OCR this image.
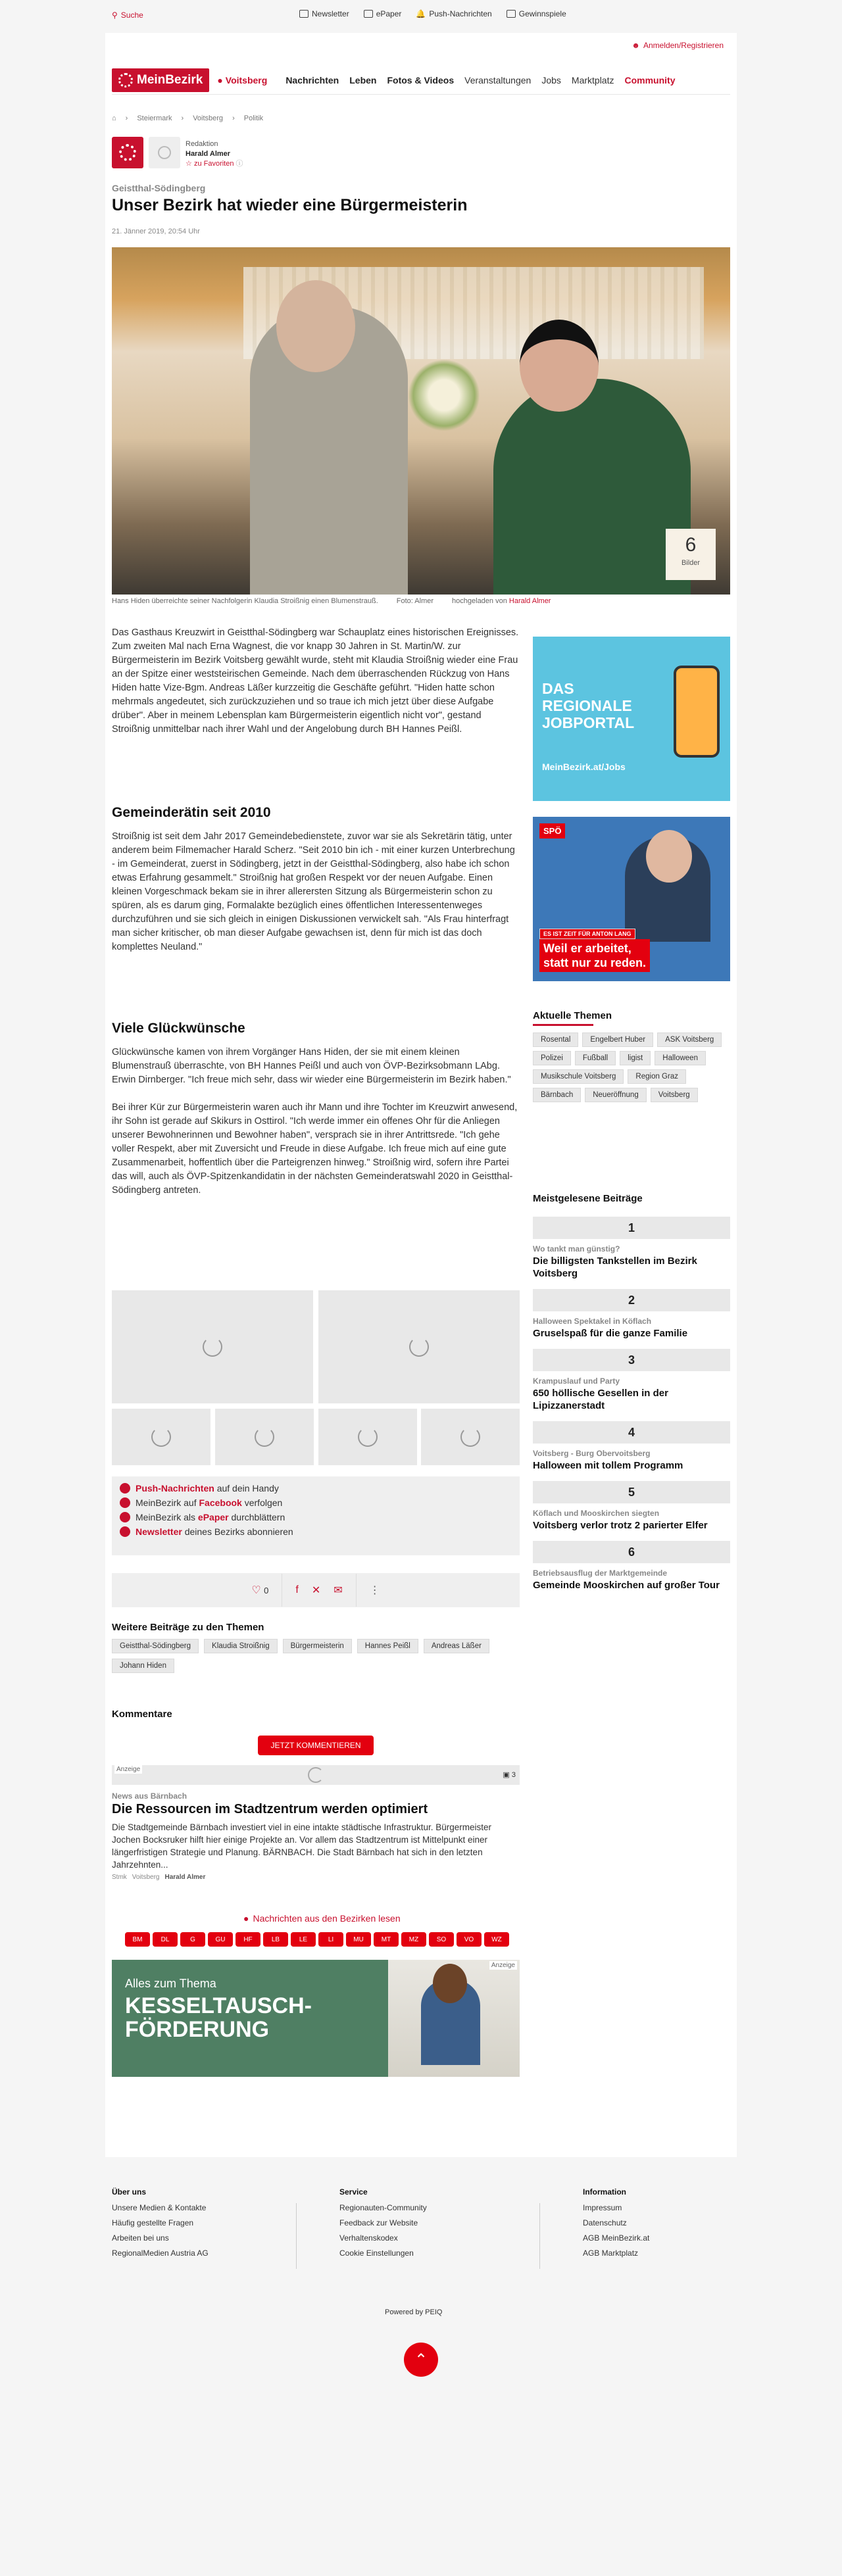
⚲ Suche	Newsletter	ePaper 🔔 Push-Nachrichten	Gewinnspiele
☻ Anmelden/Registrieren
MeinBezirk ● Voitsberg Nachrichten Leben Fotos & Videos Veranstaltungen Jobs Marktplatz Community
⌂ › Steiermark › Voitsberg › Politik
Redaktion
Harald Almer
☆ zu Favoriten ⓘ
Geistthal-Södingberg
Unser Bezirk hat wieder eine Bürgermeisterin
21. Jänner 2019, 20:54 Uhr
6
Bilder
Hans Hiden überreichte seiner Nachfolgerin Klaudia Stroißnig einen Blumenstrauß.	Foto: Almer	hochgeladen von Harald Almer

Das Gasthaus Kreuzwirt in Geistthal-Södingberg war Schauplatz eines historischen Ereignisses. Zum zweiten Mal nach Erna Wagnest, die vor knapp 30 Jahren in St. Martin/W. zur Bürgermeisterin im Bezirk Voitsberg gewählt wurde, steht mit Klaudia Stroißnig wieder eine Frau an der Spitze einer weststeirischen Gemeinde. Nach dem überraschenden Rückzug von Hans Hiden hatte Vize-Bgm. Andreas Läßer kurzzeitig die Geschäfte geführt. "Hiden hatte schon mehrmals angedeutet, sich zurückzuziehen und so traue ich mich jetzt über diese Aufgabe drüber". Aber in meinem Lebensplan kam Bürgermeisterin eigentlich nicht vor", gestand Stroißnig unmittelbar nach ihrer Wahl und der Angelobung durch BH Hannes Peißl.

Gemeinderätin seit 2010

Stroißnig ist seit dem Jahr 2017 Gemeindebedienstete, zuvor war sie als Sekretärin tätig, unter anderem beim Filmemacher Harald Scherz. "Seit 2010 bin ich - mit einer kurzen Unterbrechung - im Gemeinderat, zuerst in Södingberg, jetzt in der Geistthal-Södingberg, also habe ich schon etwas Erfahrung gesammelt." Stroißnig hat großen Respekt vor der neuen Aufgabe. Einen kleinen Vorgeschmack bekam sie in ihrer allerersten Sitzung als Bürgermeisterin schon zu spüren, als es darum ging, Formalakte bezüglich eines öffentlichen Interessentenweges durchzuführen und sie sich gleich in einigen Diskussionen verwickelt sah. "Als Frau hinterfragt man sicher kritischer, ob man dieser Aufgabe gewachsen ist, denn für mich ist das doch komplettes Neuland."

Viele Glückwünsche

Glückwünsche kamen von ihrem Vorgänger Hans Hiden, der sie mit einem kleinen Blumenstrauß überraschte, von BH Hannes Peißl und auch von ÖVP-Bezirksobmann LAbg. Erwin Dirnberger. "Ich freue mich sehr, dass wir wieder eine Bürgermeisterin im Bezirk haben."

Bei ihrer Kür zur Bürgermeisterin waren auch ihr Mann und ihre Tochter im Kreuzwirt anwesend, ihr Sohn ist gerade auf Skikurs in Osttirol. "Ich werde immer ein offenes Ohr für die Anliegen unserer Bewohnerinnen und Bewohner haben", versprach sie in ihrer Antrittsrede. "Ich gehe voller Respekt, aber mit Zuversicht und Freude in diese Aufgabe. Ich freue mich auf eine gute Zusammenarbeit, hoffentlich über die Parteigrenzen hinweg." Stroißnig wird, sofern ihre Partei das will, auch als ÖVP-Spitzenkandidatin in der nächsten Gemeinderatswahl 2020 in Geistthal-Södingberg antreten.

Push-Nachrichten auf dein Handy
MeinBezirk auf Facebook verfolgen
MeinBezirk als ePaper durchblättern
Newsletter deines Bezirks abonnieren
♡ 0	f ✕ ✉	⋮
Weitere Beiträge zu den Themen
Geistthal-Södingberg	Klaudia Stroißnig	Bürgermeisterin	Hannes Peißl	Andreas Läßer
Johann Hiden
Kommentare
JETZT KOMMENTIEREN
Anzeige
▣ 3
News aus Bärnbach
Die Ressourcen im Stadtzentrum werden optimiert
Die Stadtgemeinde Bärnbach investiert viel in eine intakte städtische Infrastruktur. Bürgermeister Jochen Bocksruker hilft hier einige Projekte an. Vor allem das Stadtzentrum ist Mittelpunkt einer längerfristigen Strategie und Planung. BÄRNBACH. Die Stadt Bärnbach hat sich in den letzten Jahrzehnten...
Stmk Voitsberg Harald Almer
● Nachrichten aus den Bezirken lesen
BM	DL	G	GU	HF	LB	LE	LI	MU	MT	MZ	SO	VO	WZ
Anzeige
Alles zum Thema
KESSELTAUSCH-
FÖRDERUNG
DAS
REGIONALE
JOBPORTAL
MeinBezirk.at/Jobs
SPÖ
ES IST ZEIT FÜR ANTON LANG
Weil er arbeitet,
statt nur zu reden.
Aktuelle Themen
Rosental	Engelbert Huber	ASK Voitsberg
Polizei	Fußball	ligist	Halloween
Musikschule Voitsberg	Region Graz
Bärnbach	Neueröffnung	Voitsberg
Meistgelesene Beiträge
1
Wo tankt man günstig?
Die billigsten Tankstellen im Bezirk Voitsberg
2
Halloween Spektakel in Köflach
Gruselspaß für die ganze Familie
3
Krampuslauf und Party
650 höllische Gesellen in der Lipizzanerstadt
4
Voitsberg - Burg Obervoitsberg
Halloween mit tollem Programm
5
Köflach und Mooskirchen siegten
Voitsberg verlor trotz 2 parierter Elfer
6
Betriebsausflug der Marktgemeinde
Gemeinde Mooskirchen auf großer Tour
Über uns
Unsere Medien & Kontakte
Häufig gestellte Fragen
Arbeiten bei uns
RegionalMedien Austria AG
Service
Regionauten-Community
Feedback zur Website
Verhaltenskodex
Cookie Einstellungen
Information
Impressum
Datenschutz
AGB MeinBezirk.at
AGB Marktplatz
Powered by PEIQ
⌃
